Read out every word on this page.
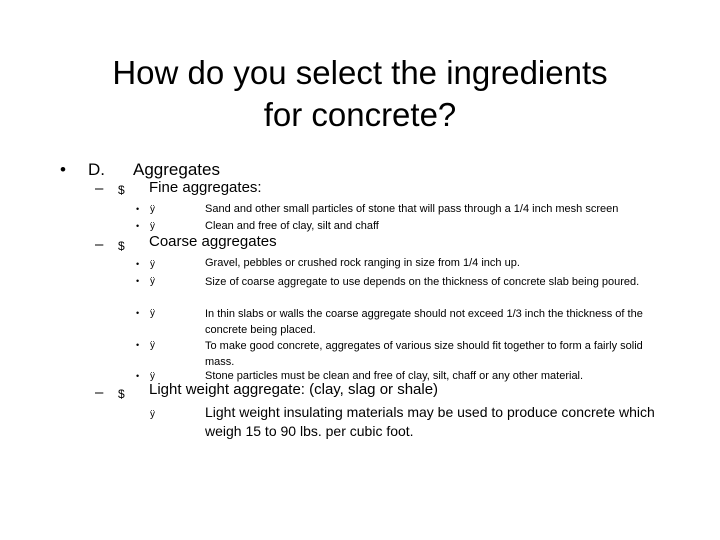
How do you select the ingredients
for concrete?
• D. Aggregates
– $ Fine aggregates:
• ÿ	Sand and other small particles of stone that will pass through a 1/4 inch mesh screen
• ÿ	Clean and free of clay, silt and chaff
– $ Coarse aggregates
• ÿ	Gravel, pebbles or crushed rock ranging in size from 1/4 inch up.
• ÿ	Size of coarse aggregate to use depends on the thickness of concrete slab being poured.
• ÿ	In thin slabs or walls the coarse aggregate should not exceed 1/3 inch the thickness of the concrete being placed.
• ÿ	To make good concrete, aggregates of various size should fit together to form a fairly solid mass.
• ÿ	Stone particles must be clean and free of clay, silt, chaff or any other material.
– $ Light weight aggregate: (clay, slag or shale)
ÿ	Light weight insulating materials may be used to produce concrete which weigh 15 to 90 lbs. per cubic foot.
